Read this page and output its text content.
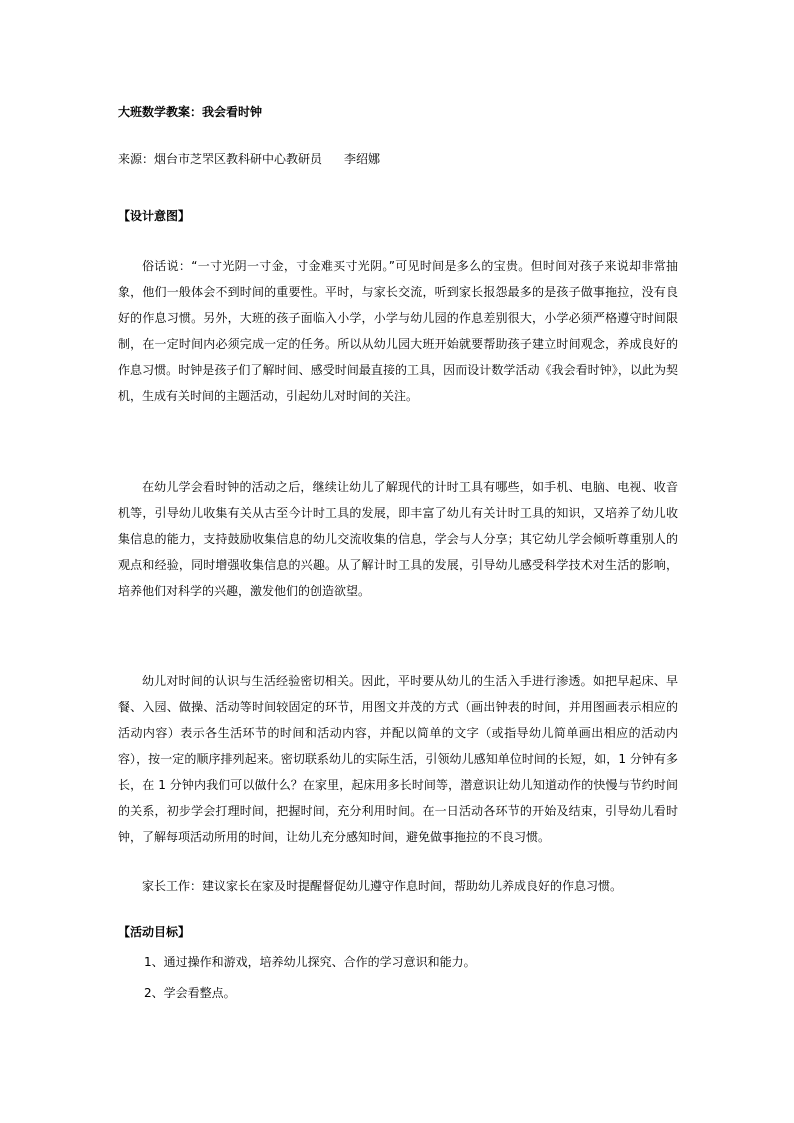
大班数学教案：我会看时钟

来源：烟台市芝罘区教科研中心教研员 李绍娜

【设计意图】

俗话说：“一寸光阴一寸金，寸金难买寸光阴。”可见时间是多么的宝贵。但时间对孩子来说却非常抽象，他们一般体会不到时间的重要性。平时，与家长交流，听到家长报怨最多的是孩子做事拖拉，没有良好的作息习惯。另外，大班的孩子面临入小学，小学与幼儿园的作息差别很大，小学必须严格遵守时间限制，在一定时间内必须完成一定的任务。所以从幼儿园大班开始就要帮助孩子建立时间观念，养成良好的作息习惯。时钟是孩子们了解时间、感受时间最直接的工具，因而设计数学活动《我会看时钟》，以此为契机，生成有关时间的主题活动，引起幼儿对时间的关注。

在幼儿学会看时钟的活动之后，继续让幼儿了解现代的计时工具有哪些，如手机、电脑、电视、收音机等，引导幼儿收集有关从古至今计时工具的发展，即丰富了幼儿有关计时工具的知识，又培养了幼儿收集信息的能力，支持鼓励收集信息的幼儿交流收集的信息，学会与人分享；其它幼儿学会倾听尊重别人的观点和经验，同时增强收集信息的兴趣。从了解计时工具的发展，引导幼儿感受科学技术对生活的影响，培养他们对科学的兴趣，激发他们的创造欲望。

幼儿对时间的认识与生活经验密切相关。因此，平时要从幼儿的生活入手进行渗透。如把早起床、早餐、入园、做操、活动等时间较固定的环节，用图文并茂的方式（画出钟表的时间，并用图画表示相应的活动内容）表示各生活环节的时间和活动内容，并配以简单的文字（或指导幼儿简单画出相应的活动内容），按一定的顺序排列起来。密切联系幼儿的实际生活，引领幼儿感知单位时间的长短，如，1 分钟有多长，在 1 分钟内我们可以做什么？在家里，起床用多长时间等，潜意识让幼儿知道动作的快慢与节约时间的关系，初步学会打理时间，把握时间，充分利用时间。在一日活动各环节的开始及结束，引导幼儿看时钟，了解每项活动所用的时间，让幼儿充分感知时间，避免做事拖拉的不良习惯。

家长工作：建议家长在家及时提醒督促幼儿遵守作息时间，帮助幼儿养成良好的作息习惯。

【活动目标】

1、通过操作和游戏，培养幼儿探究、合作的学习意识和能力。

2、学会看整点。
